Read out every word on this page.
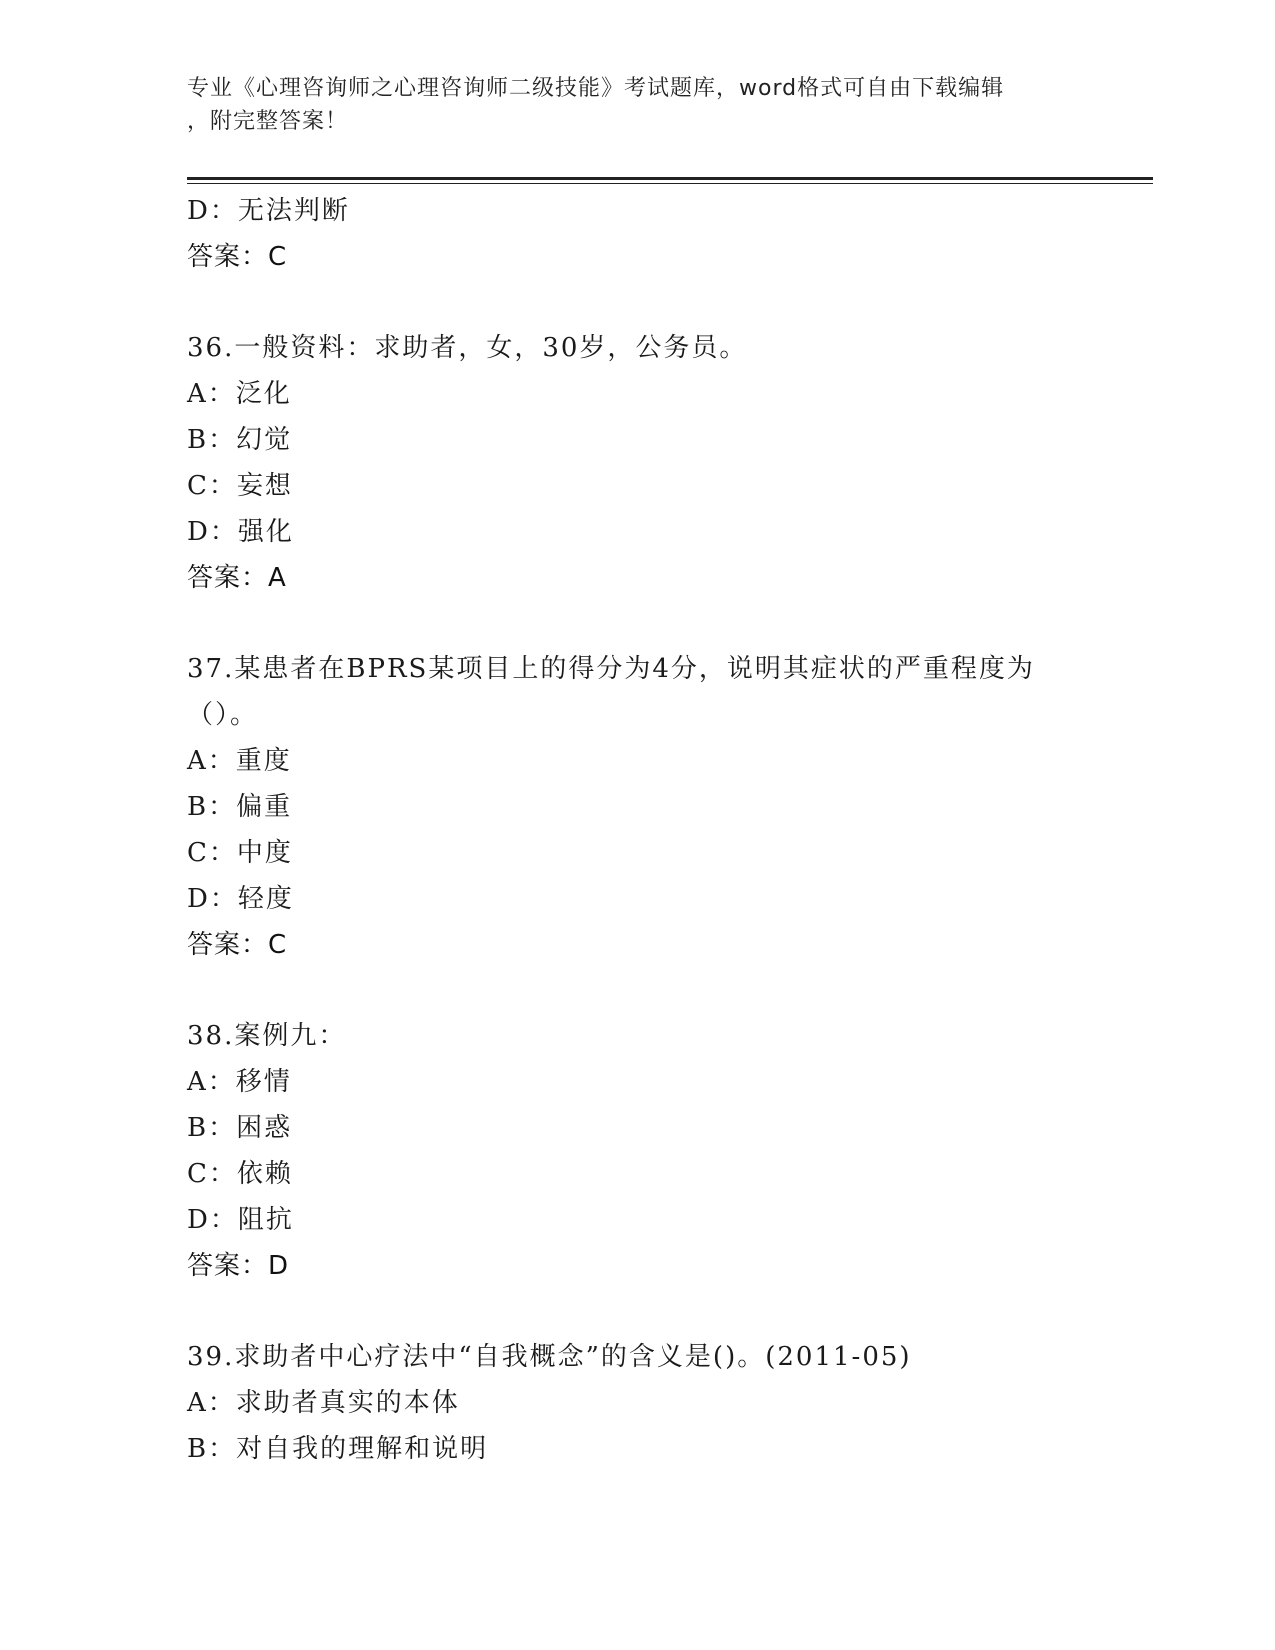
专业《心理咨询师之心理咨询师二级技能》考试题库，word格式可自由下载编辑
，附完整答案！
D：无法判断
答案：C
36.一般资料：求助者，女，30岁，公务员。
A：泛化
B：幻觉
C：妄想
D：强化
答案：A
37.某患者在BPRS某项目上的得分为4分，说明其症状的严重程度为
（）。
A：重度
B：偏重
C：中度
D：轻度
答案：C
38.案例九：
A：移情
B：困惑
C：依赖
D：阻抗
答案：D
39.求助者中心疗法中“自我概念”的含义是()。(2011-05)
A：求助者真实的本体
B：对自我的理解和说明
